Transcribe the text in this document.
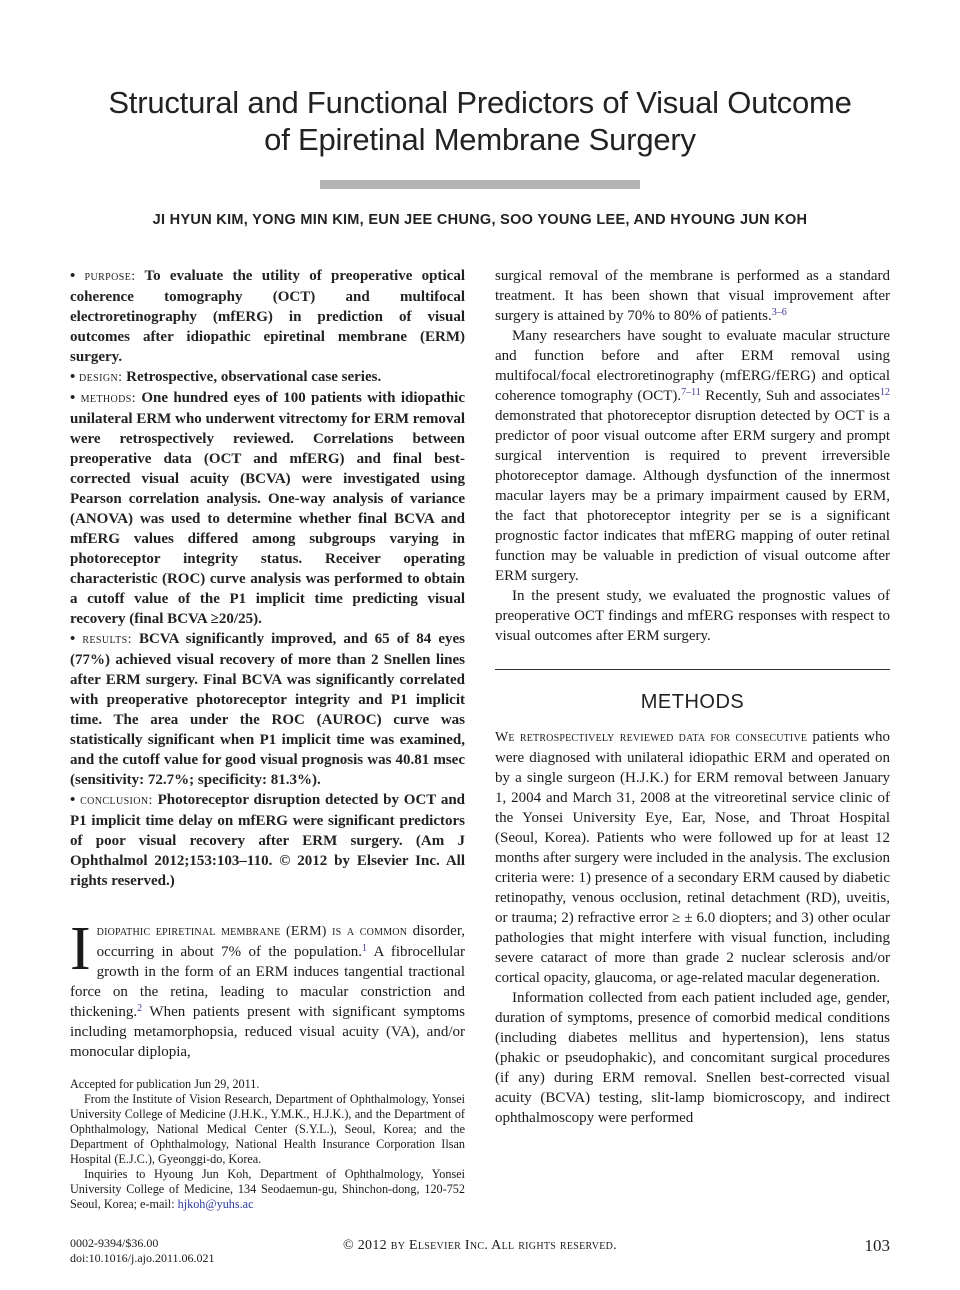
Structural and Functional Predictors of Visual Outcome
of Epiretinal Membrane Surgery
JI HYUN KIM, YONG MIN KIM, EUN JEE CHUNG, SOO YOUNG LEE, AND HYOUNG JUN KOH

• purpose: To evaluate the utility of preoperative optical coherence tomography (OCT) and multifocal electroretinography (mfERG) in prediction of visual outcomes after idiopathic epiretinal membrane (ERM) surgery.

• design: Retrospective, observational case series.

• methods: One hundred eyes of 100 patients with idiopathic unilateral ERM who underwent vitrectomy for ERM removal were retrospectively reviewed. Correlations between preoperative data (OCT and mfERG) and final best-corrected visual acuity (BCVA) were investigated using Pearson correlation analysis. One-way analysis of variance (ANOVA) was used to determine whether final BCVA and mfERG values differed among subgroups varying in photoreceptor integrity status. Receiver operating characteristic (ROC) curve analysis was performed to obtain a cutoff value of the P1 implicit time predicting visual recovery (final BCVA ≥20/25).

• results: BCVA significantly improved, and 65 of 84 eyes (77%) achieved visual recovery of more than 2 Snellen lines after ERM surgery. Final BCVA was significantly correlated with preoperative photoreceptor integrity and P1 implicit time. The area under the ROC (AUROC) curve was statistically significant when P1 implicit time was examined, and the cutoff value for good visual prognosis was 40.81 msec (sensitivity: 72.7%; specificity: 81.3%).

• conclusion: Photoreceptor disruption detected by OCT and P1 implicit time delay on mfERG were significant predictors of poor visual recovery after ERM surgery. (Am J Ophthalmol 2012;153:103–110. © 2012 by Elsevier Inc. All rights reserved.)

Idiopathic epiretinal membrane (ERM) is a common disorder, occurring in about 7% of the population.$^1$ A fibrocellular growth in the form of an ERM induces tangential tractional force on the retina, leading to macular constriction and thickening.$^2$ When patients present with significant symptoms including metamorphopsia, reduced visual acuity (VA), and/or monocular diplopia,

Accepted for publication Jun 29, 2011.

From the Institute of Vision Research, Department of Ophthalmology, Yonsei University College of Medicine (J.H.K., Y.M.K., H.J.K.), and the Department of Ophthalmology, National Medical Center (S.Y.L.), Seoul, Korea; and the Department of Ophthalmology, National Health Insurance Corporation Ilsan Hospital (E.J.C.), Gyeonggi-do, Korea.

Inquiries to Hyoung Jun Koh, Department of Ophthalmology, Yonsei University College of Medicine, 134 Seodaemun-gu, Shinchon-dong, 120-752 Seoul, Korea; e-mail: hjkoh@yuhs.ac

surgical removal of the membrane is performed as a standard treatment. It has been shown that visual improvement after surgery is attained by 70% to 80% of patients.$^{3-6}$

Many researchers have sought to evaluate macular structure and function before and after ERM removal using multifocal/focal electroretinography (mfERG/fERG) and optical coherence tomography (OCT).$^{7-11}$ Recently, Suh and associates$^{12}$ demonstrated that photoreceptor disruption detected by OCT is a predictor of poor visual outcome after ERM surgery and prompt surgical intervention is required to prevent irreversible photoreceptor damage. Although dysfunction of the innermost macular layers may be a primary impairment caused by ERM, the fact that photoreceptor integrity per se is a significant prognostic factor indicates that mfERG mapping of outer retinal function may be valuable in prediction of visual outcome after ERM surgery.

In the present study, we evaluated the prognostic values of preoperative OCT findings and mfERG responses with respect to visual outcomes after ERM surgery.

METHODS

We retrospectively reviewed data for consecutive patients who were diagnosed with unilateral idiopathic ERM and operated on by a single surgeon (H.J.K.) for ERM removal between January 1, 2004 and March 31, 2008 at the vitreoretinal service clinic of the Yonsei University Eye, Ear, Nose, and Throat Hospital (Seoul, Korea). Patients who were followed up for at least 12 months after surgery were included in the analysis. The exclusion criteria were: 1) presence of a secondary ERM caused by diabetic retinopathy, venous occlusion, retinal detachment (RD), uveitis, or trauma; 2) refractive error ≥ ± 6.0 diopters; and 3) other ocular pathologies that might interfere with visual function, including severe cataract of more than grade 2 nuclear sclerosis and/or cortical opacity, glaucoma, or age-related macular degeneration.

Information collected from each patient included age, gender, duration of symptoms, presence of comorbid medical conditions (including diabetes mellitus and hypertension), lens status (phakic or pseudophakic), and concomitant surgical procedures (if any) during ERM removal. Snellen best-corrected visual acuity (BCVA) testing, slit-lamp biomicroscopy, and indirect ophthalmoscopy were performed

0002-9394/$36.00
doi:10.1016/j.ajo.2011.06.021
© 2012 by Elsevier Inc. All rights reserved.	103
